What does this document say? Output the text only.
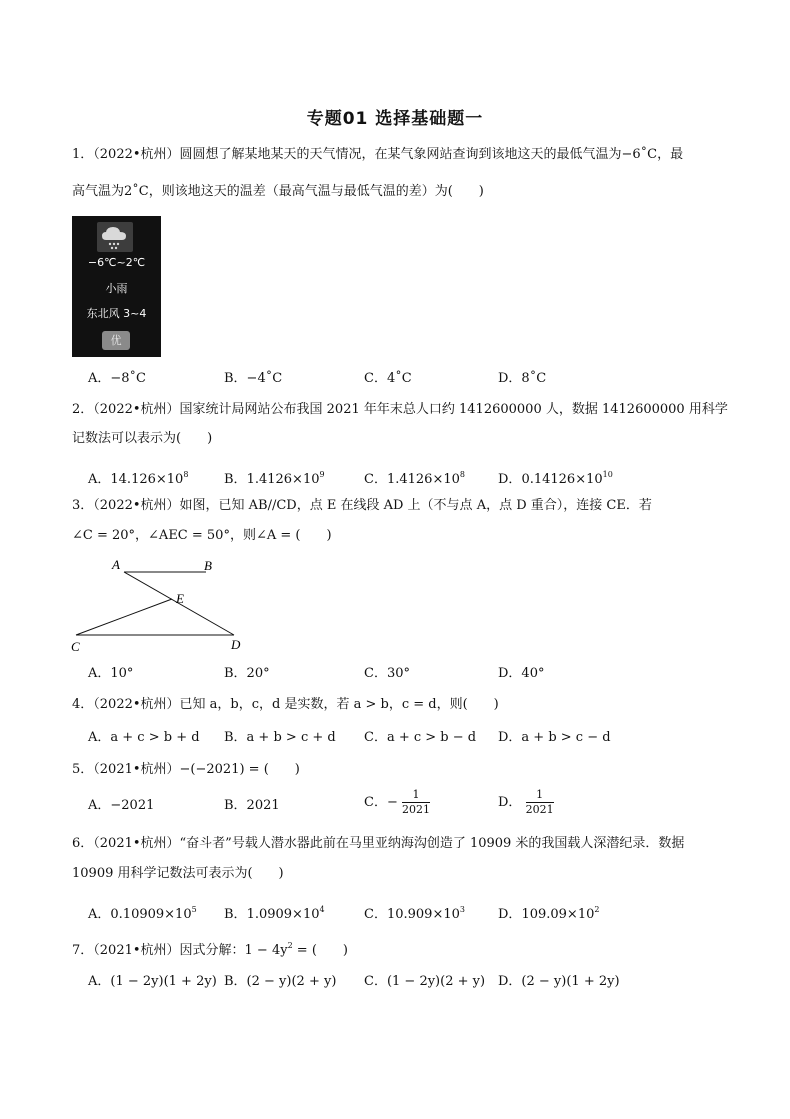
专题01 选择基础题一
1．（2022•杭州）圆圆想了解某地某天的天气情况，在某气象网站查询到该地这天的最低气温为−6˚C，最
高气温为2˚C，则该地这天的温差（最高气温与最低气温的差）为(　　)
−6℃~2℃
小雨
东北风 3~4
优
A．−8˚C	B．−4˚C	C．4˚C	D．8˚C
2．（2022•杭州）国家统计局网站公布我国 2021 年年末总人口约 1412600000 人，数据 1412600000 用科学
记数法可以表示为(　　)
A．$14.126\times 10^8$	B．$1.4126\times 10^9$	C．$1.4126\times 10^8$	D．$0.14126\times 10^{10}$
3．（2022•杭州）如图，已知 AB//CD，点 E 在线段 AD 上（不与点 A，点 D 重合），连接 CE．若
∠C = 20°，∠AEC = 50°，则∠A = (　　)
A	B
E
C	D
A．10°	B．20°	C．30°	D．40°
4．（2022•杭州）已知 a，b，c，d 是实数，若 a > b，c = d，则(　　)
A．a + c > b + d B．a + b > c + d C．a + c > b − d D．a + b > c − d
5．（2021•杭州）−(−2021) = (　　)
A．−2021	B．2021	C．− $\frac{1}{2021}$	D． $\frac{1}{2021}$
6．（2021•杭州）“奋斗者”号载人潜水器此前在马里亚纳海沟创造了 10909 米的我国载人深潜纪录．数据
10909 用科学记数法可表示为(　　)
A．$0.10909\times 10^5$ B．$1.0909\times 10^4$	C．$10.909\times 10^3$	D．$109.09\times 10^2$
7．（2021•杭州）因式分解：$1 - 4y^2$ = (　　)
A．(1 − 2y)(1 + 2y) B．(2 − y)(2 + y) C．(1 − 2y)(2 + y) D．(2 − y)(1 + 2y)
